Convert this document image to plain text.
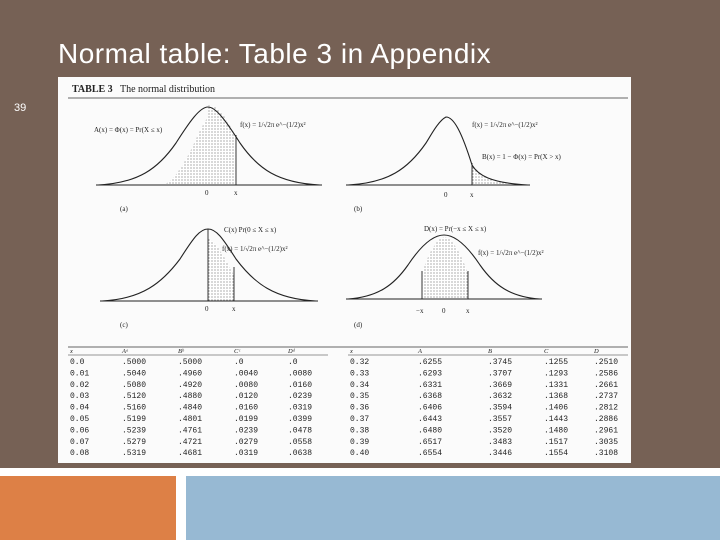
Normal table: Table 3 in Appendix
39
TABLE 3 The normal distribution
A(x) = Φ(x) = Pr(X ≤ x)
f(x) = 1/√2π e^−(1/2)x²
0	x
(a)
f(x) = 1/√2π e^−(1/2)x²
B(x) = 1 − Φ(x) = Pr(X > x)
0	x
(b)
C(x) Pr(0 ≤ X ≤ x)
f(x) = 1/√2π e^−(1/2)x²
0	x
(c)
D(x) = Pr(−x ≤ X ≤ x)
f(x) = 1/√2π e^−(1/2)x²
−x	0	x
(d)
x	Aᵃ	Bᵇ	Cᶜ	Dᵈ
0.0	.5000	.5000	.0	.0
0.01	.5040	.4960	.0040	.0080
0.02	.5080	.4920	.0080	.0160
0.03	.5120	.4880	.0120	.0239
0.04	.5160	.4840	.0160	.0319
0.05	.5199	.4801	.0199	.0399
0.06	.5239	.4761	.0239	.0478
0.07	.5279	.4721	.0279	.0558
0.08	.5319	.4681	.0319	.0638
x	A	B	C	D
0.32	.6255	.3745	.1255	.2510
0.33	.6293	.3707	.1293	.2586
0.34	.6331	.3669	.1331	.2661
0.35	.6368	.3632	.1368	.2737
0.36	.6406	.3594	.1406	.2812
0.37	.6443	.3557	.1443	.2886
0.38	.6480	.3520	.1480	.2961
0.39	.6517	.3483	.1517	.3035
0.40	.6554	.3446	.1554	.3108
